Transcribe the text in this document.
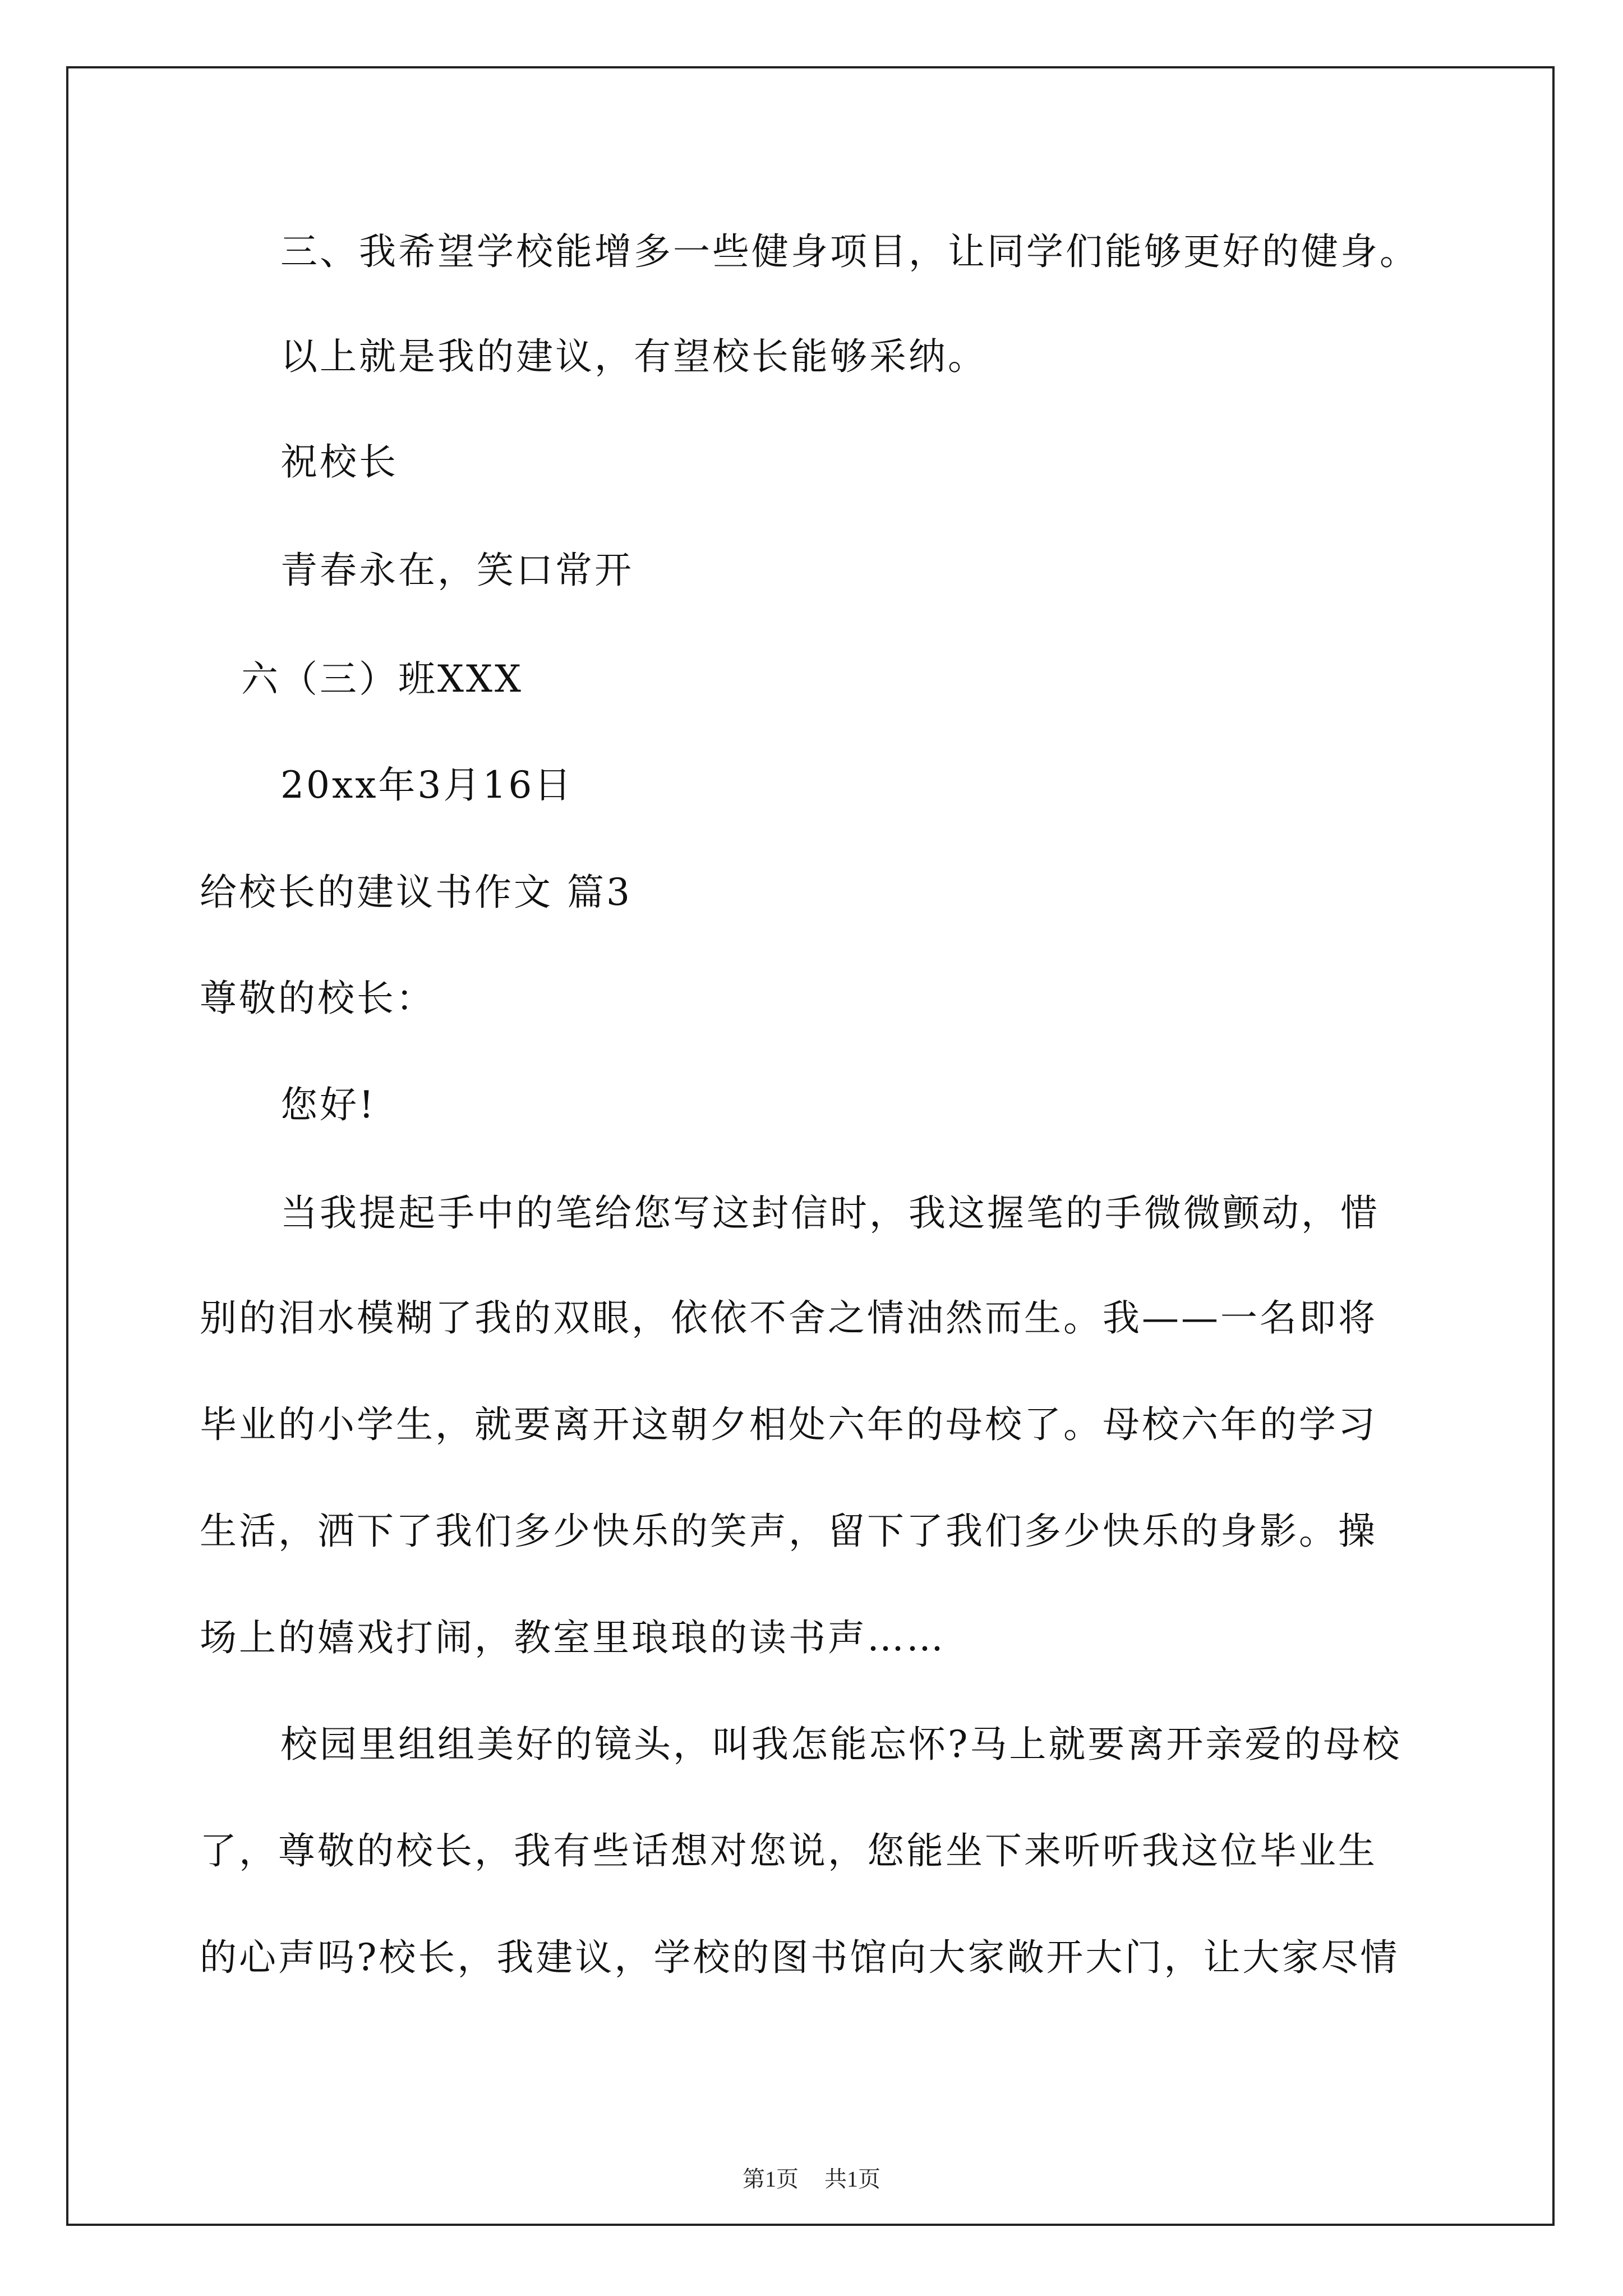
三、我希望学校能增多一些健身项目，让同学们能够更好的健身。
以上就是我的建议，有望校长能够采纳。
祝校长
青春永在，笑口常开
六（三）班XXX
20xx年3月16日
给校长的建议书作文 篇3
尊敬的校长：
您好!
当我提起手中的笔给您写这封信时，我这握笔的手微微颤动，惜
别的泪水模糊了我的双眼，依依不舍之情油然而生。我——一名即将
毕业的小学生，就要离开这朝夕相处六年的母校了。母校六年的学习
生活，洒下了我们多少快乐的笑声，留下了我们多少快乐的身影。操
场上的嬉戏打闹，教室里琅琅的读书声……
校园里组组美好的镜头，叫我怎能忘怀?马上就要离开亲爱的母校
了，尊敬的校长，我有些话想对您说，您能坐下来听听我这位毕业生
的心声吗?校长，我建议，学校的图书馆向大家敞开大门，让大家尽情
第1页 共1页
